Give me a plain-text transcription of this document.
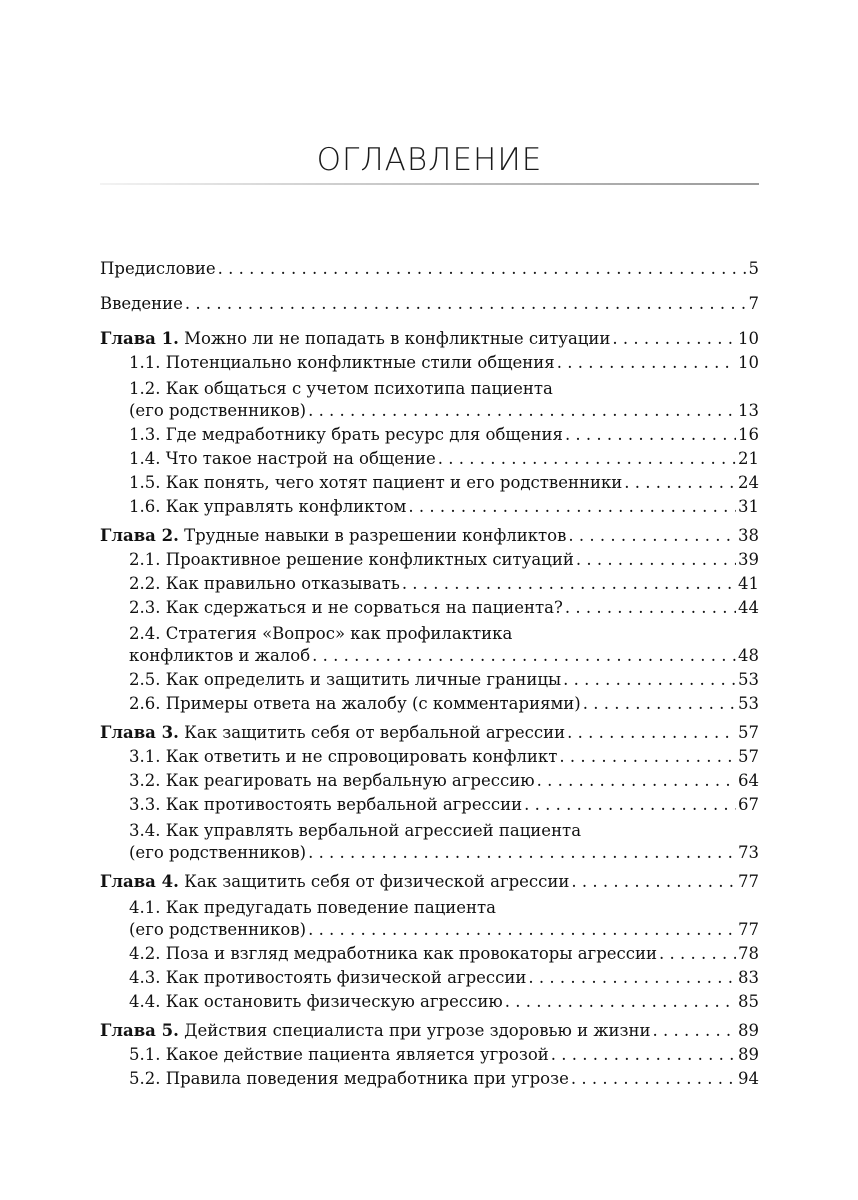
ОГЛАВЛЕНИЕ
Предисловие . . .	5
Введение . . .	7
Глава 1. Можно ли не попадать в конфликтные ситуации . . .	10
1.1. Потенциально конфликтные стили общения . . .	10
1.2. Как общаться с учетом психотипа пациента
(его родственников) . . .	13
1.3. Где медработнику брать ресурс для общения . . .	16
1.4. Что такое настрой на общение . . .	21
1.5. Как понять, чего хотят пациент и его родственники . . .	24
1.6. Как управлять конфликтом . . .	31
Глава 2. Трудные навыки в разрешении конфликтов . . .	38
2.1. Проактивное решение конфликтных ситуаций . . .	39
2.2. Как правильно отказывать . . .	41
2.3. Как сдержаться и не сорваться на пациента? . . .	44
2.4. Стратегия «Вопрос» как профилактика
конфликтов и жалоб . . .	48
2.5. Как определить и защитить личные границы . . .	53
2.6. Примеры ответа на жалобу (с комментариями) . . .	53
Глава 3. Как защитить себя от вербальной агрессии . . .	57
3.1. Как ответить и не спровоцировать конфликт . . .	57
3.2. Как реагировать на вербальную агрессию . . .	64
3.3. Как противостоять вербальной агрессии . . .	67
3.4. Как управлять вербальной агрессией пациента
(его родственников) . . .	73
Глава 4. Как защитить себя от физической агрессии . . .	77
4.1. Как предугадать поведение пациента
(его родственников) . . .	77
4.2. Поза и взгляд медработника как провокаторы агрессии . . .	78
4.3. Как противостоять физической агрессии . . .	83
4.4. Как остановить физическую агрессию . . .	85
Глава 5. Действия специалиста при угрозе здоровью и жизни . . .	89
5.1. Какое действие пациента является угрозой . . .	89
5.2. Правила поведения медработника при угрозе . . .	94
